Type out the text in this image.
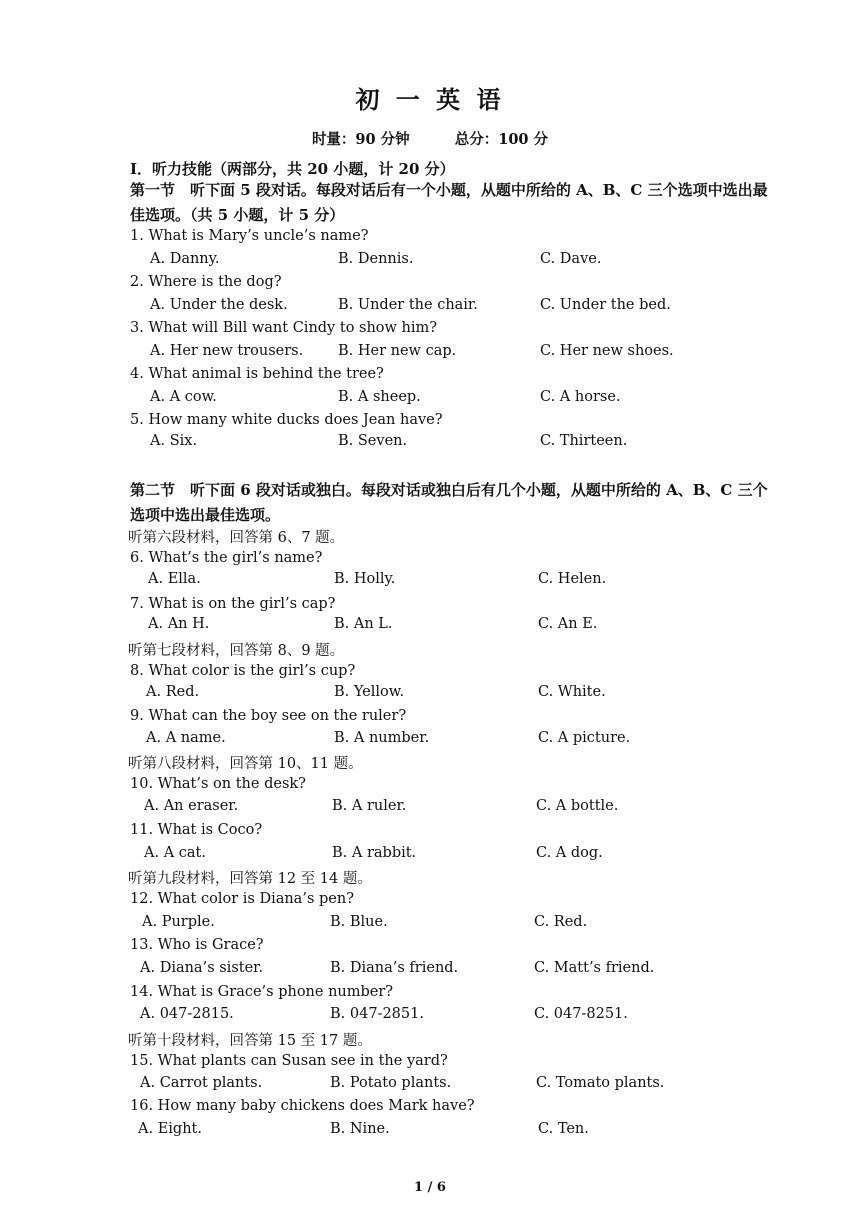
初 一 英 语
时量：90 分钟	总分：100 分
I．听力技能（两部分，共 20 小题，计 20 分）
第一节　听下面 5 段对话。每段对话后有一个小题，从题中所给的 A、B、C 三个选项中选出最佳选项。（共 5 小题，计 5 分）
1. What is Mary’s uncle’s name?
A. Danny.	B. Dennis.	C. Dave.
2. Where is the dog?
A. Under the desk.	B. Under the chair.	C. Under the bed.
3. What will Bill want Cindy to show him?
A. Her new trousers. B. Her new cap.	C. Her new shoes.
4. What animal is behind the tree?
A. A cow.	B. A sheep.	C. A horse.
5. How many white ducks does Jean have?
A. Six.	B. Seven.	C. Thirteen.
第二节　听下面 6 段对话或独白。每段对话或独白后有几个小题，从题中所给的 A、B、C 三个选项中选出最佳选项。
听第六段材料，回答第 6、7 题。
6. What’s the girl’s name?
A. Ella.	B. Holly.	C. Helen.
7. What is on the girl’s cap?
A. An H.	B. An L.	C. An E.
听第七段材料，回答第 8、9 题。
8. What color is the girl’s cup?
A. Red.	B. Yellow.	C. White.
9. What can the boy see on the ruler?
A. A name.	B. A number.	C. A picture.
听第八段材料，回答第 10、11 题。
10. What’s on the desk?
A. An eraser.	B. A ruler.	C. A bottle.
11. What is Coco?
A. A cat.	B. A rabbit.	C. A dog.
听第九段材料，回答第 12 至 14 题。
12. What color is Diana’s pen?
A. Purple.	B. Blue.	C. Red.
13. Who is Grace?
A. Diana’s sister.	B. Diana’s friend.	C. Matt’s friend.
14. What is Grace’s phone number?
A. 047-2815.	B. 047-2851.	C. 047-8251.
听第十段材料，回答第 15 至 17 题。
15. What plants can Susan see in the yard?
A. Carrot plants.	B. Potato plants.	C. Tomato plants.
16. How many baby chickens does Mark have?
A. Eight.	B. Nine.	C. Ten.
1 / 6
